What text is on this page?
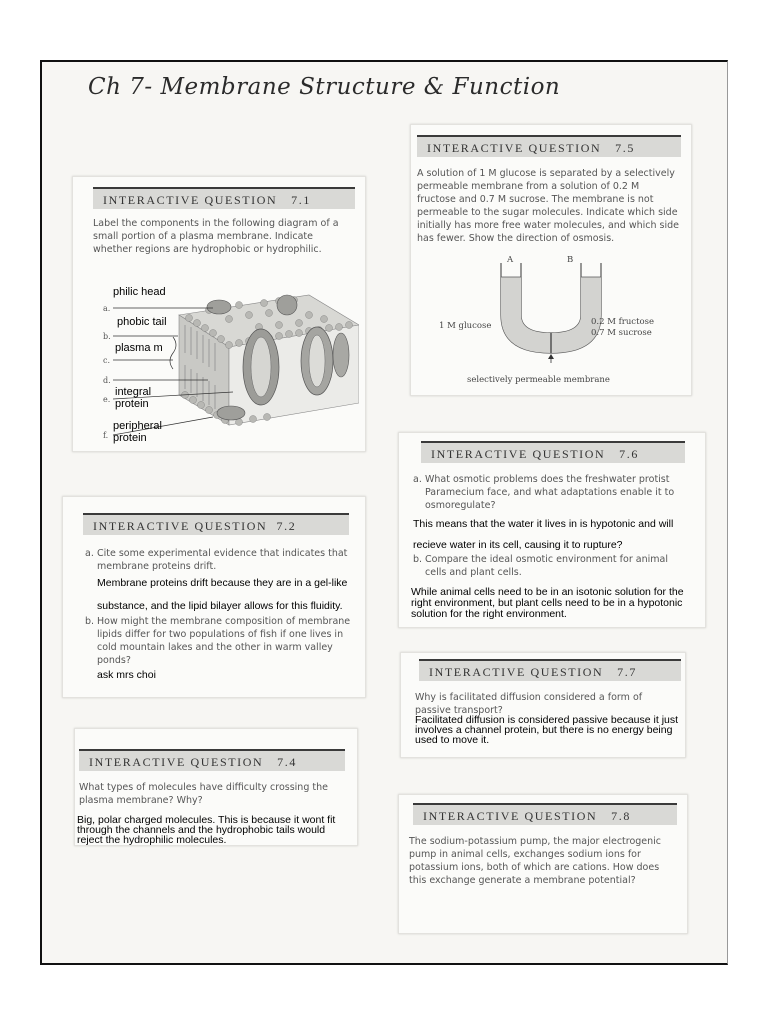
Ch 7- Membrane Structure & Function
INTERACTIVE QUESTION 7.1
Label the components in the following diagram of a small portion of a plasma membrane. Indicate whether regions are hydrophobic or hydrophilic.
a.
b.
c.
d.
e.
f.
philic head
phobic tail
plasma m
integral
protein
peripheral
protein
INTERACTIVE QUESTION 7.2
a. Cite some experimental evidence that indicates that membrane proteins drift.
Membrane proteins drift because they are in a gel-like
substance, and the lipid bilayer allows for this fluidity.
b. How might the membrane composition of membrane lipids differ for two populations of fish if one lives in cold mountain lakes and the other in warm valley ponds?
ask mrs choi
INTERACTIVE QUESTION 7.4
What types of molecules have difficulty crossing the plasma membrane? Why?
Big, polar charged molecules. This is because it wont fit through the channels and the hydrophobic tails would reject the hydrophilic molecules.
INTERACTIVE QUESTION 7.5
A solution of 1 M glucose is separated by a selectively permeable membrane from a solution of 0.2 M fructose and 0.7 M sucrose. The membrane is not permeable to the sugar molecules. Indicate which side initially has more free water molecules, and which side has fewer. Show the direction of osmosis.
A	B
1 M glucose	0.2 M fructose
0.7 M sucrose
selectively permeable membrane
INTERACTIVE QUESTION 7.6
a. What osmotic problems does the freshwater protist Paramecium face, and what adaptations enable it to osmoregulate?
This means that the water it lives in is hypotonic and will
recieve water in its cell, causing it to rupture?
b. Compare the ideal osmotic environment for animal cells and plant cells.
While animal cells need to be in an isotonic solution for the right environment, but plant cells need to be in a hypotonic solution for the right environment.
INTERACTIVE QUESTION 7.7
Why is facilitated diffusion considered a form of passive transport?
Facilitated diffusion is considered passive because it just involves a channel protein, but there is no energy being used to move it.
INTERACTIVE QUESTION 7.8
The sodium-potassium pump, the major electrogenic pump in animal cells, exchanges sodium ions for potassium ions, both of which are cations. How does this exchange generate a membrane potential?
